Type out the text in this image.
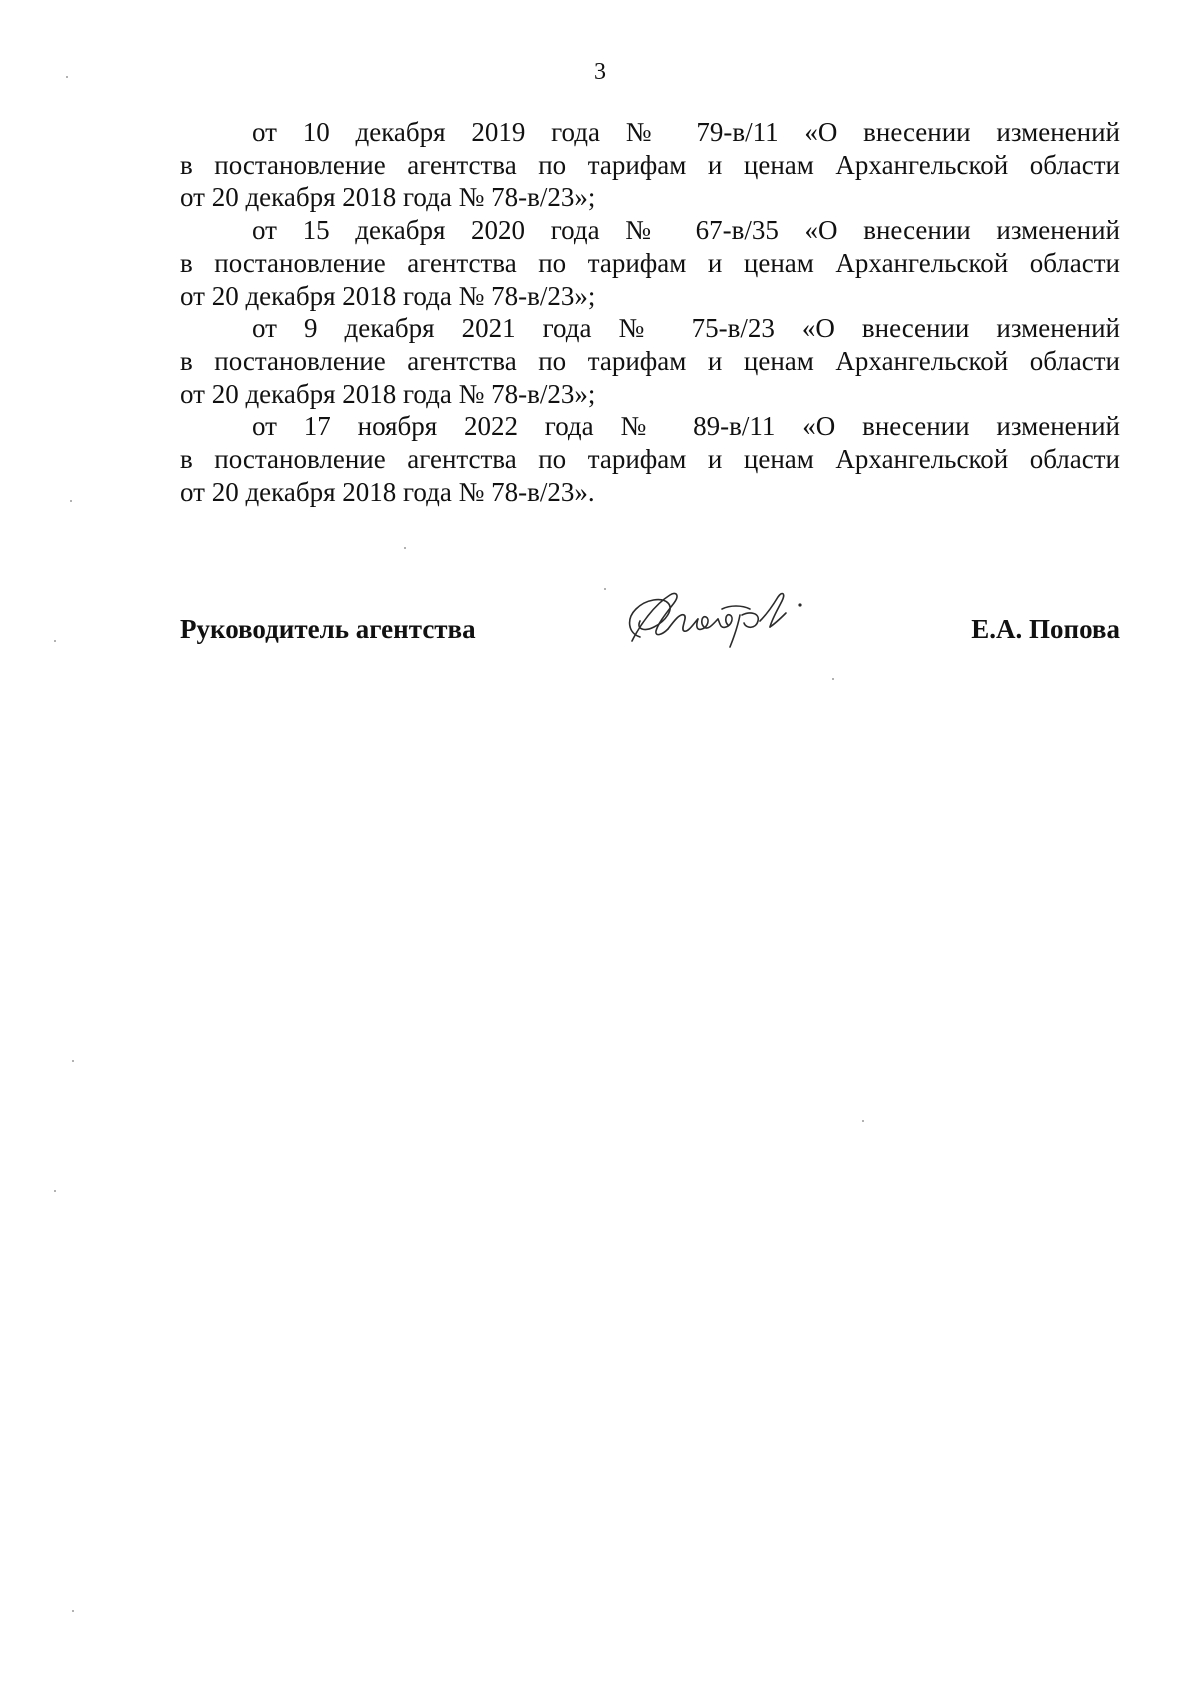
3

от 10 декабря 2019 года № 79-в/11 «О внесении изменений
в постановление агентства по тарифам и ценам Архангельской области
от 20 декабря 2018 года № 78-в/23»;

от 15 декабря 2020 года № 67-в/35 «О внесении изменений
в постановление агентства по тарифам и ценам Архангельской области
от 20 декабря 2018 года № 78-в/23»;

от 9 декабря 2021 года № 75-в/23 «О внесении изменений
в постановление агентства по тарифам и ценам Архангельской области
от 20 декабря 2018 года № 78-в/23»;

от 17 ноября 2022 года № 89-в/11 «О внесении изменений
в постановление агентства по тарифам и ценам Архангельской области
от 20 декабря 2018 года № 78-в/23».

Руководитель агентства	Е.А. Попова
